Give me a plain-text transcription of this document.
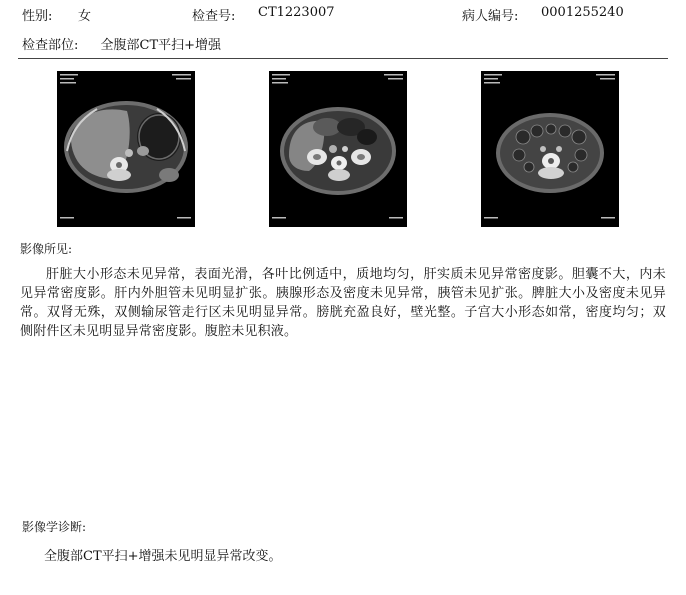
性别: 女	检查号: CT1223007	病人编号: 0001255240
检查部位: 全腹部CT平扫+增强
影像所见:
肝脏大小形态未见异常，表面光滑，各叶比例适中，质地均匀，肝实质未见异常密度影。胆囊不大，内未见异常密度影。肝内外胆管未见明显扩张。胰腺形态及密度未见异常，胰管未见扩张。脾脏大小及密度未见异常。双肾无殊，双侧输尿管走行区未见明显异常。膀胱充盈良好，壁光整。子宫大小形态如常，密度均匀；双侧附件区未见明显异常密度影。腹腔未见积液。
影像学诊断:
全腹部CT平扫+增强未见明显异常改变。
